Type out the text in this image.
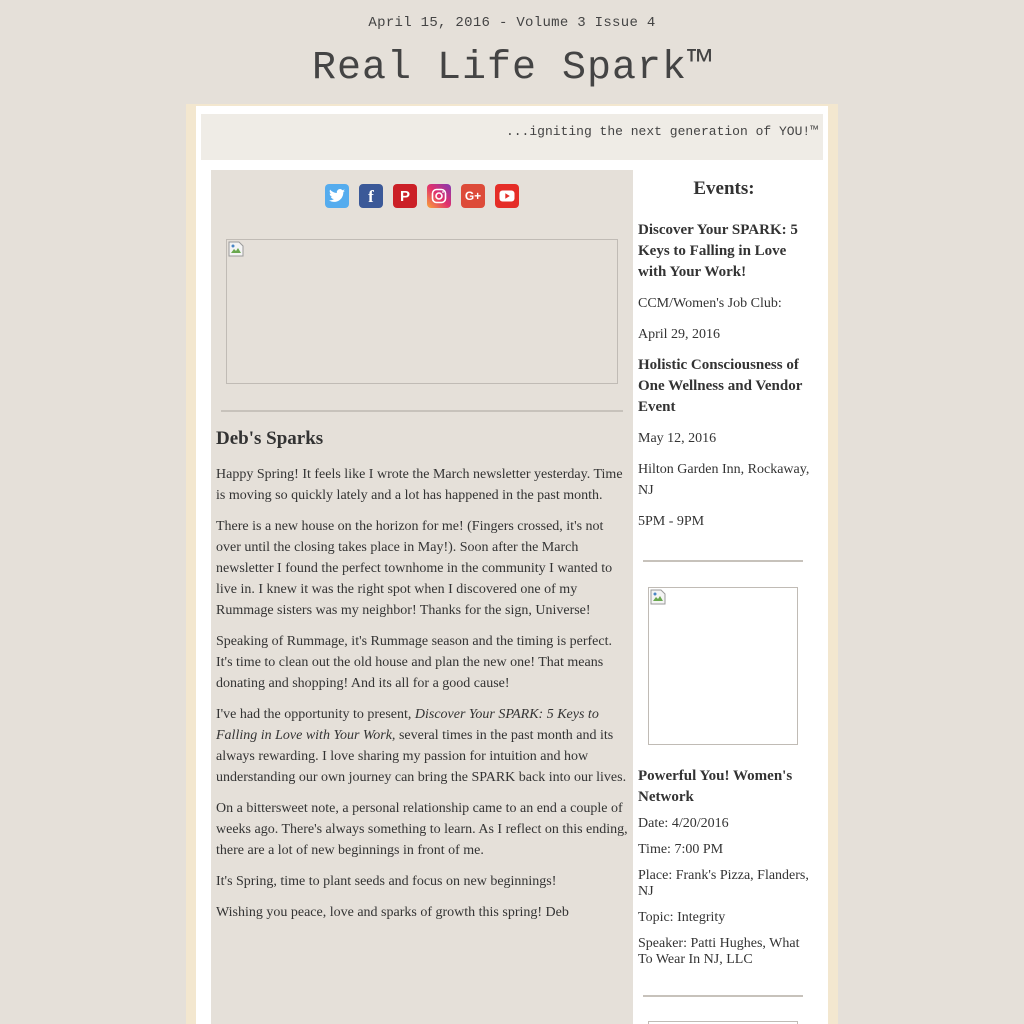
April 15, 2016 - Volume 3 Issue 4
Real Life Spark™
...igniting the next generation of YOU!™
f	P	G+
Deb's Sparks

Happy Spring! It feels like I wrote the March newsletter yesterday. Time is moving so quickly lately and a lot has happened in the past month.

There is a new house on the horizon for me! (Fingers crossed, it's not over until the closing takes place in May!). Soon after the March newsletter I found the perfect townhome in the community I wanted to live in. I knew it was the right spot when I discovered one of my Rummage sisters was my neighbor! Thanks for the sign, Universe!

Speaking of Rummage, it's Rummage season and the timing is perfect. It's time to clean out the old house and plan the new one! That means donating and shopping! And its all for a good cause!

I've had the opportunity to present, Discover Your SPARK: 5 Keys to Falling in Love with Your Work, several times in the past month and its always rewarding. I love sharing my passion for intuition and how understanding our own journey can bring the SPARK back into our lives.

On a bittersweet note, a personal relationship came to an end a couple of weeks ago. There's always something to learn. As I reflect on this ending, there are a lot of new beginnings in front of me.

It's Spring, time to plant seeds and focus on new beginnings!

Wishing you peace, love and sparks of growth this spring! Deb

Events:
Discover Your SPARK: 5 Keys to Falling in Love with Your Work!
CCM/Women's Job Club:
April 29, 2016
Holistic Consciousness of One Wellness and Vendor Event
May 12, 2016
Hilton Garden Inn, Rockaway, NJ
5PM - 9PM
Powerful You! Women's Network
Date: 4/20/2016
Time: 7:00 PM
Place: Frank's Pizza, Flanders, NJ
Topic: Integrity
Speaker: Patti Hughes, What To Wear In NJ, LLC
